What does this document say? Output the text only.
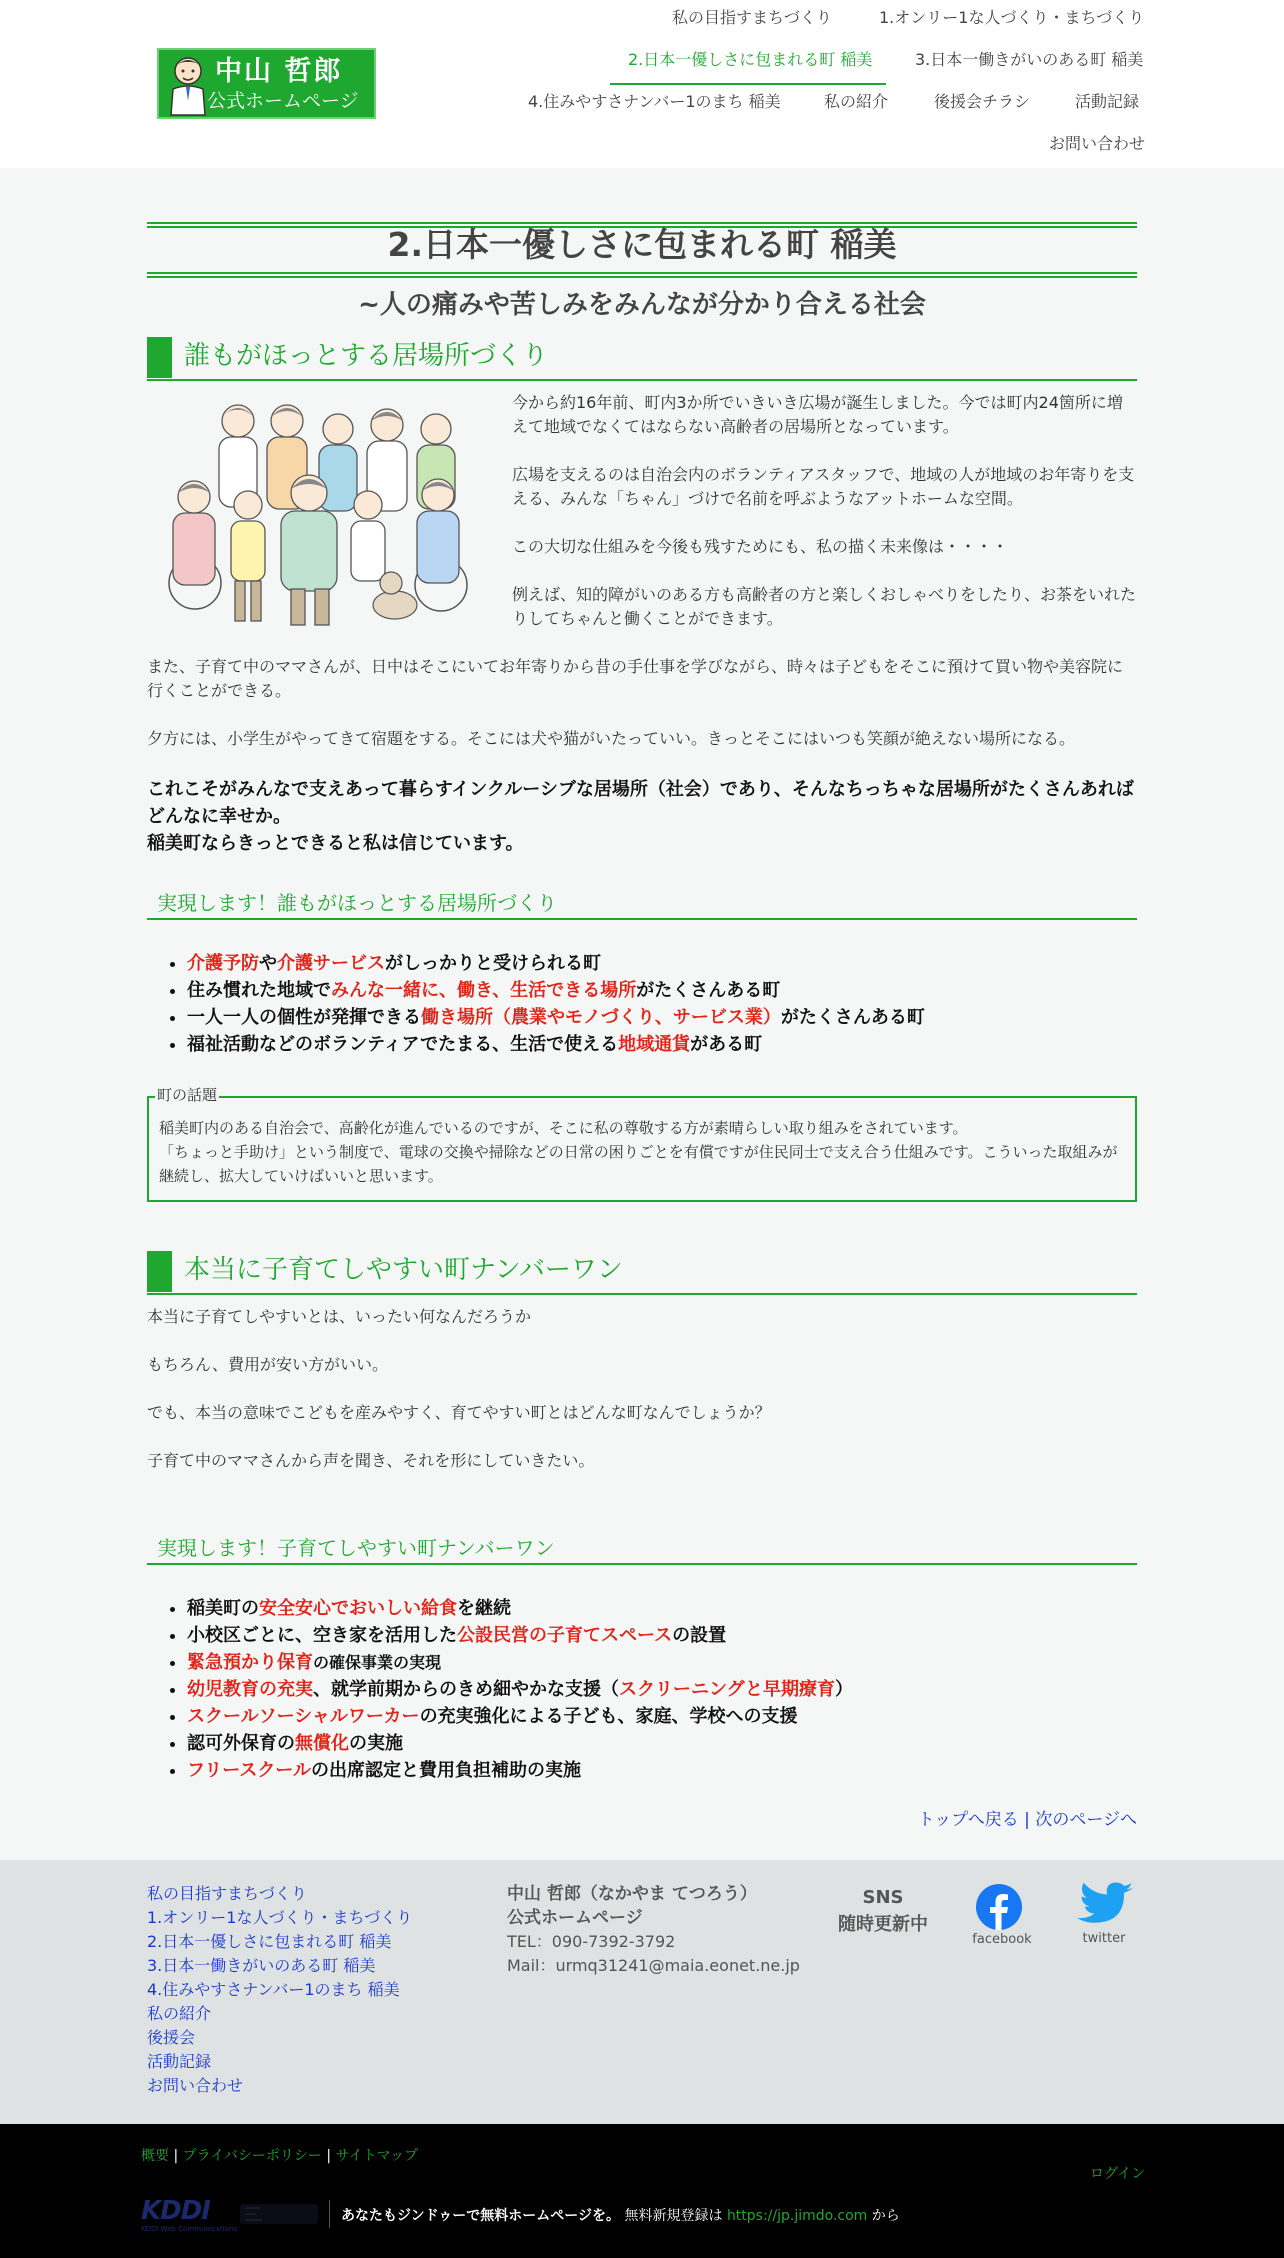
中山 哲郎
公式ホームページ
私の目指すまちづくり	1.オンリー1な人づくり・まちづくり
2.日本一優しさに包まれる町 稲美	3.日本一働きがいのある町 稲美
4.住みやすさナンバー1のまち 稲美	私の紹介	後援会チラシ	活動記録
お問い合わせ
2.日本一優しさに包まれる町 稲美
~人の痛みや苦しみをみんなが分かり合える社会
誰もがほっとする居場所づくり

今から約16年前、町内3か所でいきいき広場が誕生しました。今では町内24箇所に増えて地域でなくてはならない高齢者の居場所となっています。

広場を支えるのは自治会内のボランティアスタッフで、地域の人が地域のお年寄りを支える、みんな「ちゃん」づけで名前を呼ぶようなアットホームな空間。

この大切な仕組みを今後も残すためにも、私の描く未来像は・・・・

例えば、知的障がいのある方も高齢者の方と楽しくおしゃべりをしたり、お茶をいれたりしてちゃんと働くことができます。

また、子育て中のママさんが、日中はそこにいてお年寄りから昔の手仕事を学びながら、時々は子どもをそこに預けて買い物や美容院に行くことができる。

夕方には、小学生がやってきて宿題をする。そこには犬や猫がいたっていい。きっとそこにはいつも笑顔が絶えない場所になる。

これこそがみんなで支えあって暮らすインクルーシブな居場所（社会）であり、そんなちっちゃな居場所がたくさんあればどんなに幸せか。

稲美町ならきっとできると私は信じています。

実現します！誰もがほっとする居場所づくり
• 介護予防や介護サービスがしっかりと受けられる町
• 住み慣れた地域でみんな一緒に、働き、生活できる場所がたくさんある町
• 一人一人の個性が発揮できる働き場所（農業やモノづくり、サービス業）がたくさんある町
• 福祉活動などのボランティアでたまる、生活で使える地域通貨がある町
町の話題
稲美町内のある自治会で、高齢化が進んでいるのですが、そこに私の尊敬する方が素晴らしい取り組みをされています。
「ちょっと手助け」という制度で、電球の交換や掃除などの日常の困りごとを有償ですが住民同士で支え合う仕組みです。こういった取組みが継続し、拡大していけばいいと思います。
本当に子育てしやすい町ナンバーワン

本当に子育てしやすいとは、いったい何なんだろうか

もちろん、費用が安い方がいい。

でも、本当の意味でこどもを産みやすく、育てやすい町とはどんな町なんでしょうか？

子育て中のママさんから声を聞き、それを形にしていきたい。

実現します！子育てしやすい町ナンバーワン
• 稲美町の安全安心でおいしい給食を継続
• 小校区ごとに、空き家を活用した公設民営の子育てスペースの設置
• 緊急預かり保育の確保事業の実現
• 幼児教育の充実、就学前期からのきめ細やかな支援（スクリーニングと早期療育）
• スクールソーシャルワーカーの充実強化による子ども、家庭、学校への支援
• 認可外保育の無償化の実施
• フリースクールの出席認定と費用負担補助の実施
トップへ戻る | 次のページへ
私の目指すまちづくり
1.オンリー1な人づくり・まちづくり
2.日本一優しさに包まれる町 稲美
3.日本一働きがいのある町 稲美
4.住みやすさナンバー1のまち 稲美
私の紹介
後援会
活動記録
お問い合わせ
中山 哲郎（なかやま てつろう）
公式ホームページ
TEL：090-7392-3792
Mail：urmq31241@maia.eonet.ne.jp
SNS
随時更新中
facebook	twitter
概要 | プライバシーポリシー | サイトマップ
ログイン
KDDI
KDDI Web Communications
あなたもジンドゥーで無料ホームページを。 無料新規登録は https://jp.jimdo.com から
